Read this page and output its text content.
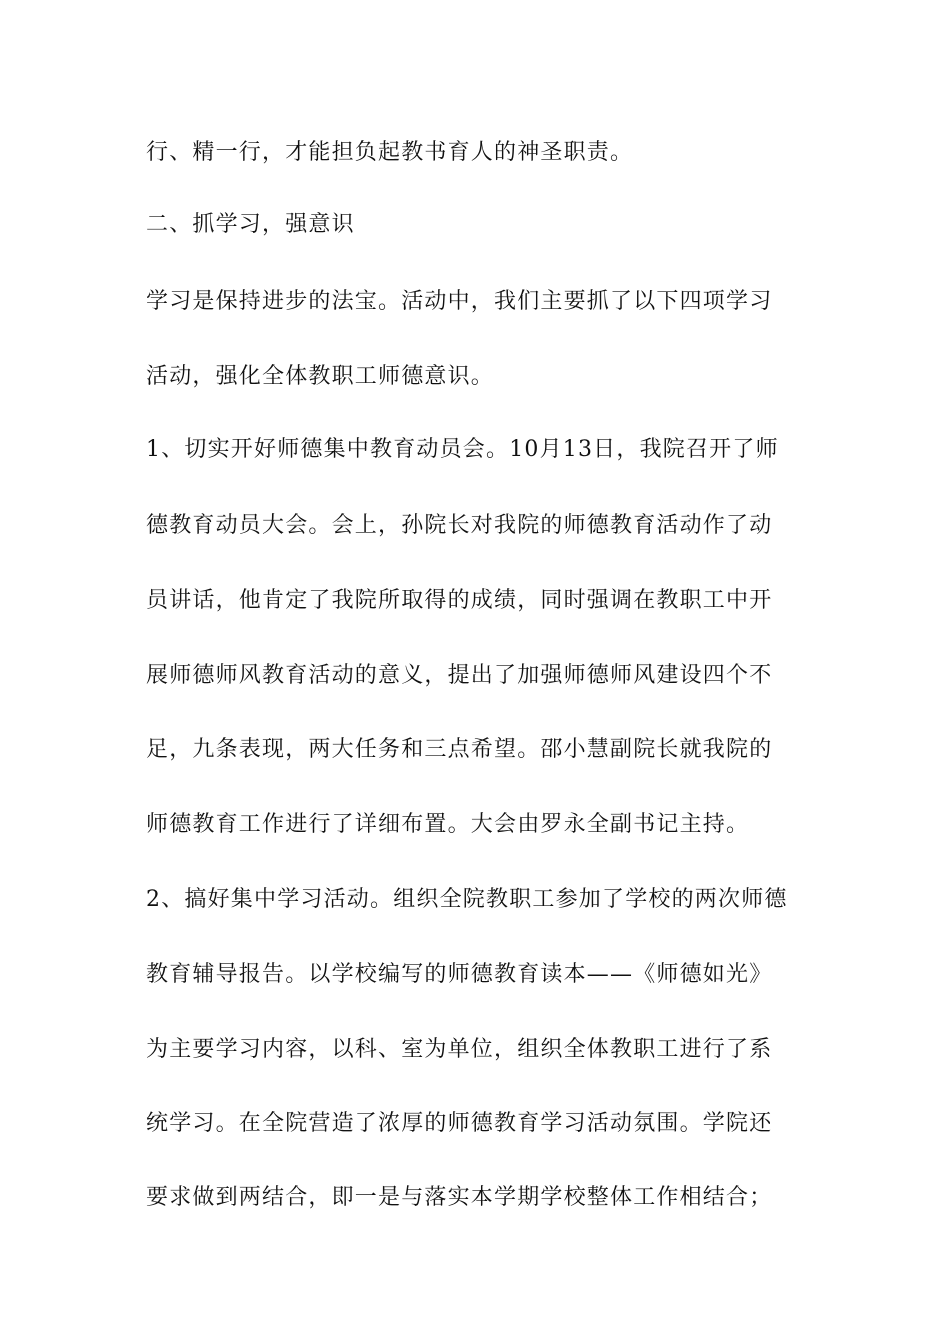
行、精一行，才能担负起教书育人的神圣职责。
二、抓学习，强意识
学习是保持进步的法宝。活动中，我们主要抓了以下四项学习
活动，强化全体教职工师德意识。
1、切实开好师德集中教育动员会。10月13日，我院召开了师
德教育动员大会。会上，孙院长对我院的师德教育活动作了动
员讲话，他肯定了我院所取得的成绩，同时强调在教职工中开
展师德师风教育活动的意义，提出了加强师德师风建设四个不
足，九条表现，两大任务和三点希望。邵小慧副院长就我院的
师德教育工作进行了详细布置。大会由罗永全副书记主持。
2、搞好集中学习活动。组织全院教职工参加了学校的两次师德
教育辅导报告。以学校编写的师德教育读本——《师德如光》
为主要学习内容，以科、室为单位，组织全体教职工进行了系
统学习。在全院营造了浓厚的师德教育学习活动氛围。学院还
要求做到两结合，即一是与落实本学期学校整体工作相结合；
